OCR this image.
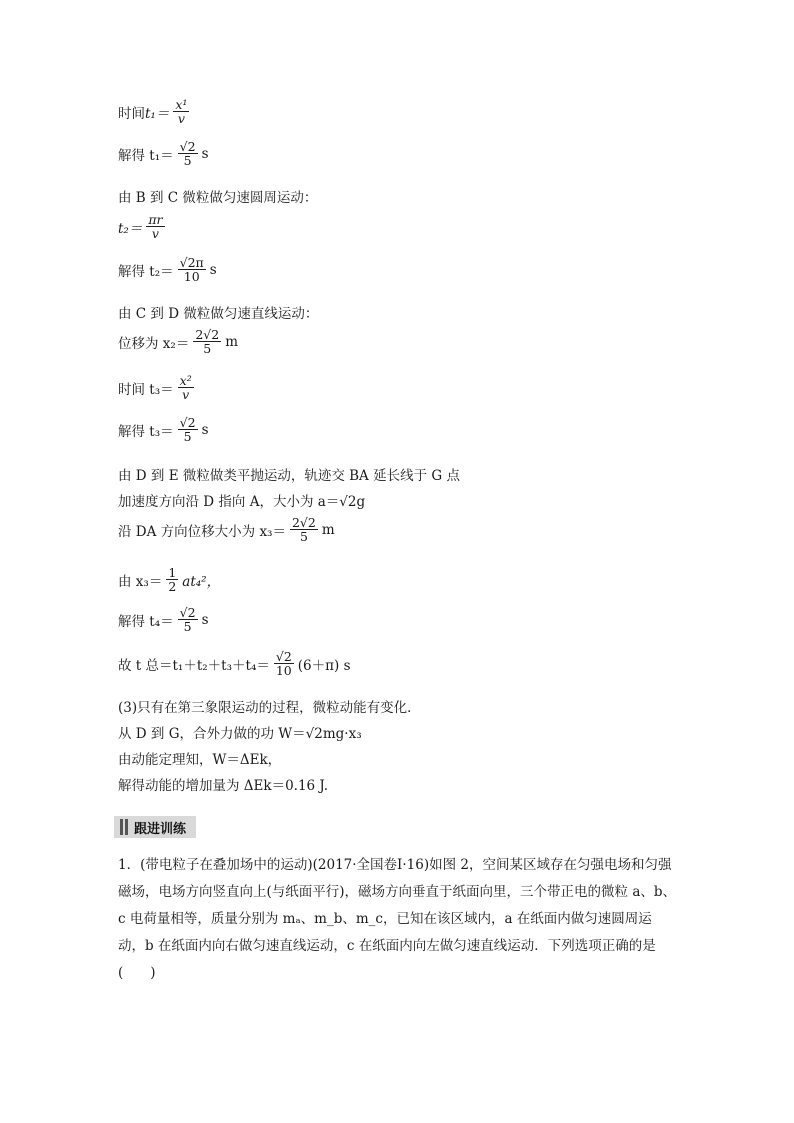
时间 $t_1= \frac{\text{x¹}}{v}$
解得 $t_1= \frac{√2}{5}$ s
由 B 到 C 微粒做匀速圆周运动：
$t_2= \frac{\pi r}{v}$
解得 $t_2= \frac{√2\pi}{10}$ s
由 C 到 D 微粒做匀速直线运动：
位移为 $x_2= \frac{2√2}{5}$ m
时间 $t_3= \frac{\text{x²}}{v}$
解得 $t_3= \frac{√2}{5}$ s
由 D 到 E 微粒做类平抛运动，轨迹交 BA 延长线于 G 点
加速度方向沿 D 指向 A，大小为 a＝√2g
沿 DA 方向位移大小为 $x_3= \frac{2√2}{5}$ m
由 $x_3= \frac{1}{2} at_4^2$，
解得 $t_4= \frac{√2}{5}$ s
故 t 总$=t_1+t_2+t_3+t_4= \frac{√2}{10} (6+\pi)$ s
(3)只有在第三象限运动的过程，微粒动能有变化．
从 D 到 G，合外力做的功 W＝√2mg·x₃
由动能定理知，W＝ΔEk，
解得动能的增加量为 ΔEk＝0.16 J.
跟进训练
1．(带电粒子在叠加场中的运动)(2017·全国卷Ⅰ·16)如图 2，空间某区域存在匀强电场和匀强磁场，电场方向竖直向上(与纸面平行)，磁场方向垂直于纸面向里，三个带正电的微粒 a、b、c 电荷量相等，质量分别为 mₐ、m_b、m_c，已知在该区域内，a 在纸面内做匀速圆周运动，b 在纸面内向右做匀速直线运动，c 在纸面内向左做匀速直线运动．下列选项正确的是(　　)
